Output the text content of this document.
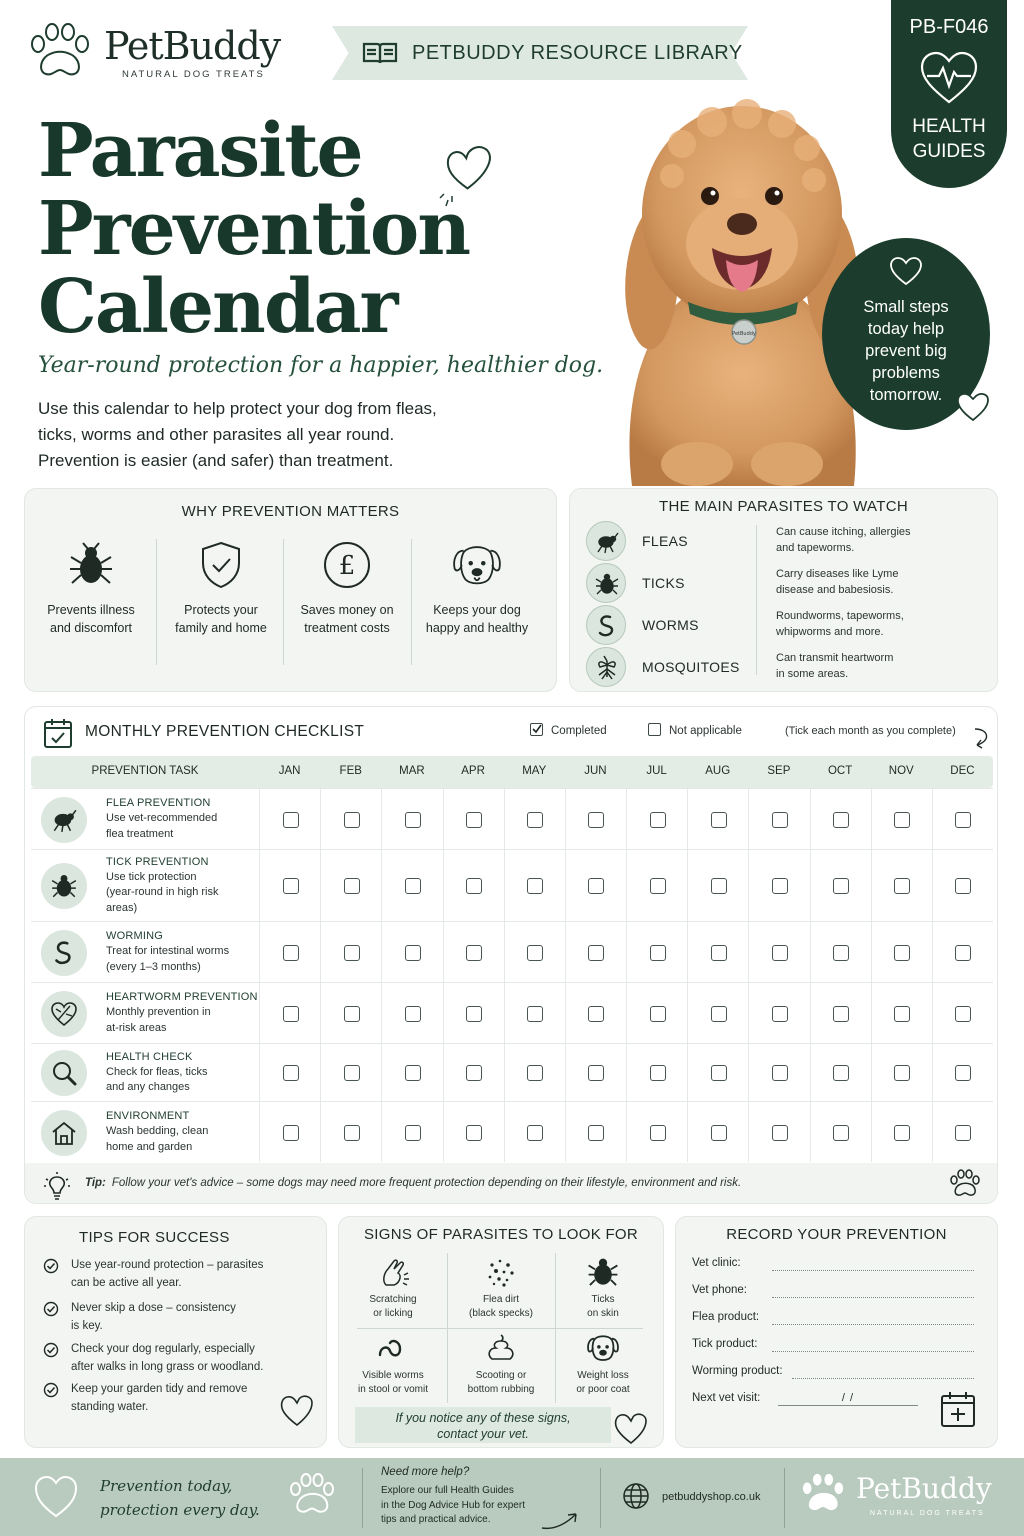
PetBuddy
NATURAL DOG TREATS
PETBUDDY RESOURCE LIBRARY
PB-F046
HEALTH
GUIDES
Parasite
Prevention
Calendar
Year-round protection for a happier, healthier dog.
Use this calendar to help protect your dog from fleas,
ticks, worms and other parasites all year round.
Prevention is easier (and safer) than treatment.
PetBuddy
Small steps
today help
prevent big
problems
tomorrow.
WHY PREVENTION MATTERS
Prevents illness
and discomfort
Protects your
family and home
£
Saves money on
treatment costs
Keeps your dog
happy and healthy
THE MAIN PARASITES TO WATCH
FLEAS
Can cause itching, allergies
and tapeworms.
TICKS
Carry diseases like Lyme
disease and babesiosis.
WORMS
Roundworms, tapeworms,
whipworms and more.
MOSQUITOES
Can transmit heartworm
in some areas.
MONTHLY PREVENTION CHECKLIST	Completed	Not applicable	(Tick each month as you complete)
PREVENTION TASK	JAN	FEB	MAR	APR	MAY	JUN	JUL	AUG	SEP	OCT	NOV	DEC
FLEA PREVENTION
Use vet-recommended
flea treatment
TICK PREVENTION
Use tick protection
(year-round in high risk
areas)
WORMING
Treat for intestinal worms
(every 1–3 months)
HEARTWORM PREVENTION
Monthly prevention in
at-risk areas
HEALTH CHECK
Check for fleas, ticks
and any changes
ENVIRONMENT
Wash bedding, clean
home and garden
Tip: Follow your vet's advice – some dogs may need more frequent protection depending on their lifestyle, environment and risk.
TIPS FOR SUCCESS
Use year-round protection – parasites
can be active all year.
Never skip a dose – consistency
is key.
Check your dog regularly, especially
after walks in long grass or woodland.
Keep your garden tidy and remove
standing water.
SIGNS OF PARASITES TO LOOK FOR
Scratching
or licking
Flea dirt
(black specks)
Ticks
on skin
Visible worms
in stool or vomit
Scooting or
bottom rubbing
Weight loss
or poor coat
If you notice any of these signs,
contact your vet.
RECORD YOUR PREVENTION
Vet clinic:
Vet phone:
Flea product:
Tick product:
Worming product:
Next vet visit:	/ /
Prevention today,
protection every day.
Need more help?
Explore our full Health Guides
in the Dog Advice Hub for expert
tips and practical advice.
petbuddyshop.co.uk	PetBuddy
NATURAL DOG TREATS
